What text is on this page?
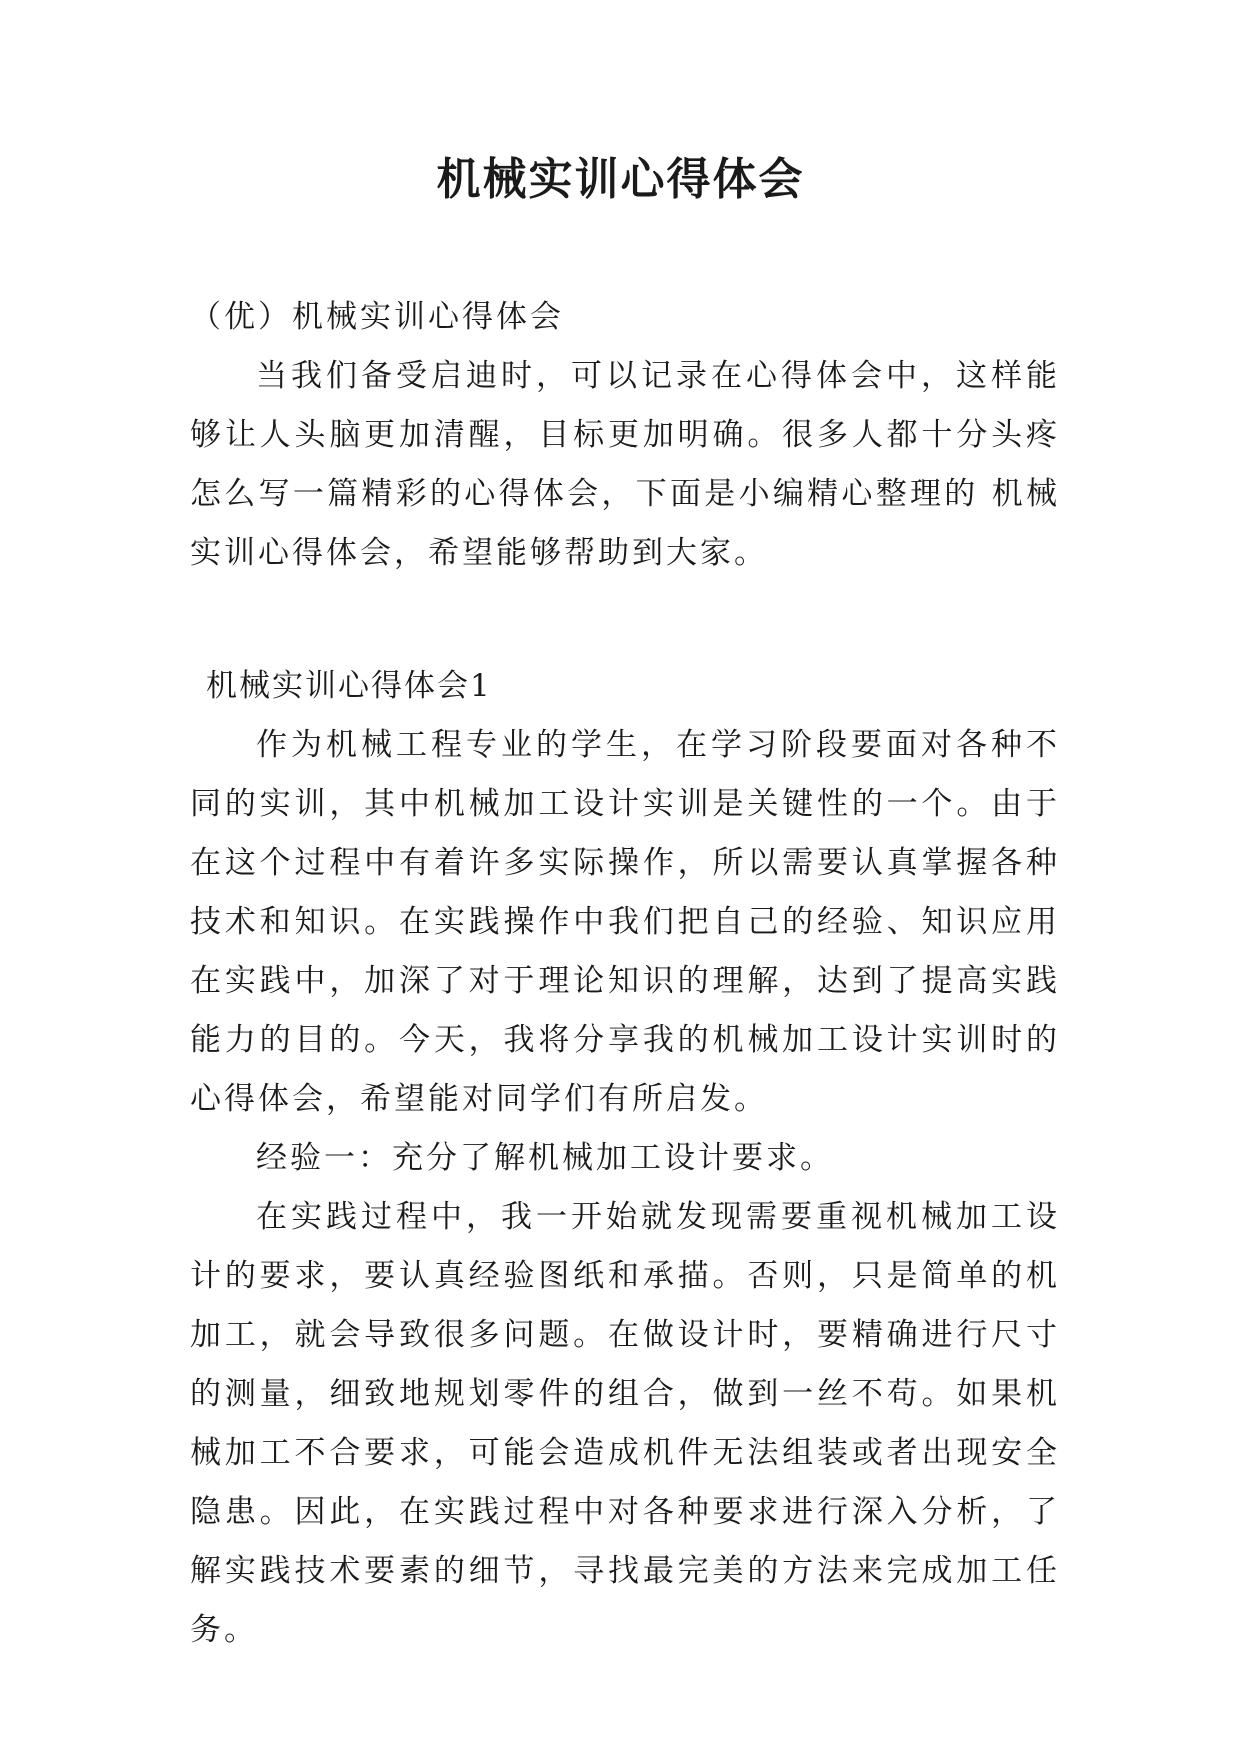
机械实训心得体会

（优）机械实训心得体会

当我们备受启迪时，可以记录在心得体会中，这样能够让人头脑更加清醒，目标更加明确。很多人都十分头疼怎么写一篇精彩的心得体会，下面是小编精心整理的 机械实训心得体会，希望能够帮助到大家。

机械实训心得体会1

作为机械工程专业的学生，在学习阶段要面对各种不同的实训，其中机械加工设计实训是关键性的一个。由于在这个过程中有着许多实际操作，所以需要认真掌握各种技术和知识。在实践操作中我们把自己的经验、知识应用在实践中，加深了对于理论知识的理解，达到了提高实践能力的目的。今天，我将分享我的机械加工设计实训时的心得体会，希望能对同学们有所启发。

经验一：充分了解机械加工设计要求。

在实践过程中，我一开始就发现需要重视机械加工设计的要求，要认真经验图纸和承描。否则，只是简单的机加工，就会导致很多问题。在做设计时，要精确进行尺寸的测量，细致地规划零件的组合，做到一丝不苟。如果机械加工不合要求，可能会造成机件无法组装或者出现安全隐患。因此，在实践过程中对各种要求进行深入分析，了解实践技术要素的细节，寻找最完美的方法来完成加工任务。
